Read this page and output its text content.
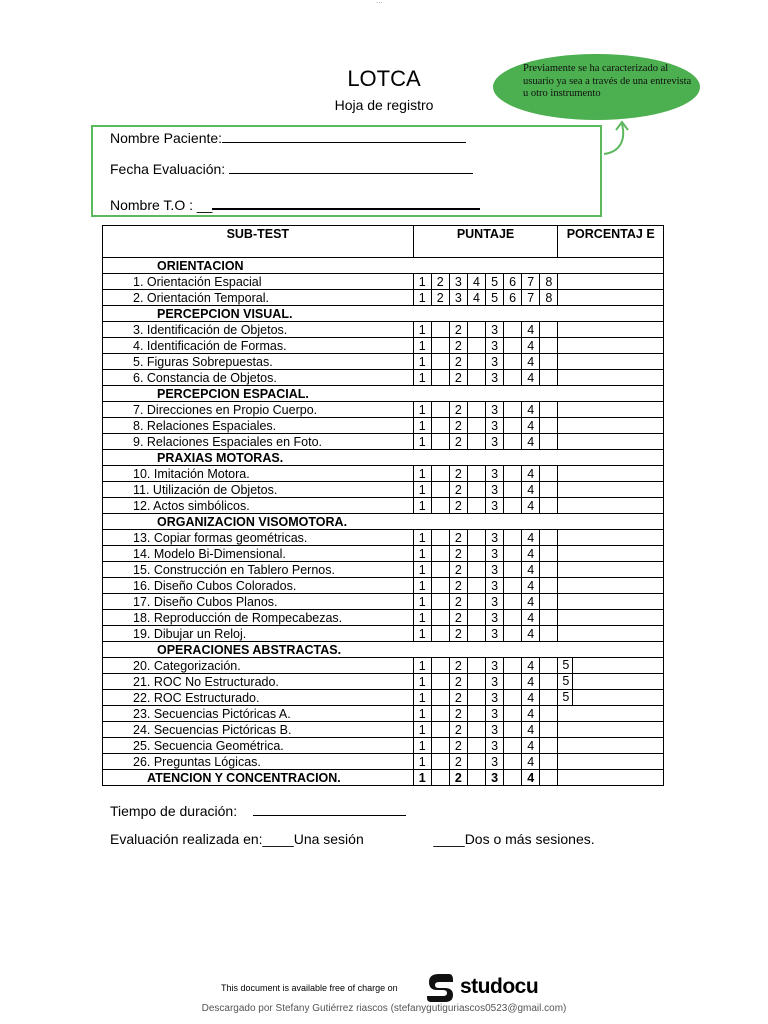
...
LOTCA
Hoja de registro
Previamente se ha caracterizado al usuario ya sea a través de una entrevista u otro instrumento
Nombre Paciente:
Fecha Evaluación:
Nombre T.O : __
SUB-TEST	PUNTAJE								PORCENTAJ E
ORIENTACION									
1. Orientación Espacial	1	2	3	4	5	6	7	8	
2. Orientación Temporal.	1	2	3	4	5	6	7	8	
PERCEPCION VISUAL.									
3. Identificación de Objetos.	1		2		3		4		
4. Identificación de Formas.	1		2		3		4		
5. Figuras Sobrepuestas.	1		2		3		4		
6. Constancia de Objetos.	1		2		3		4		
PERCEPCION ESPACIAL.									
7. Direcciones en Propio Cuerpo.	1		2		3		4		
8. Relaciones Espaciales.	1		2		3		4		
9. Relaciones Espaciales en Foto.	1		2		3		4		
PRAXIAS MOTORAS.									
10. Imitación Motora.	1		2		3		4		
11. Utilización de Objetos.	1		2		3		4		
12. Actos simbólicos.	1		2		3		4		
ORGANIZACION VISOMOTORA.									
13. Copiar formas geométricas.	1		2		3		4		
14. Modelo Bi-Dimensional.	1		2		3		4		
15. Construcción en Tablero Pernos.	1		2		3		4		
16. Diseño Cubos Colorados.	1		2		3		4		
17. Diseño Cubos Planos.	1		2		3		4		
18. Reproducción de Rompecabezas.	1		2		3		4		
19. Dibujar un Reloj.	1		2		3		4		
OPERACIONES ABSTRACTAS.									
20. Categorización.	1		2		3		4		5

21. ROC No Estructurado.	1		2		3		4		5

22. ROC Estructurado.	1		2		3		4		5

23. Secuencias Pictóricas A.	1		2		3		4		
24. Secuencias Pictóricas B.	1		2		3		4		
25. Secuencia Geométrica.	1		2		3		4		
26. Preguntas Lógicas.	1		2		3		4		
ATENCION Y CONCENTRACION.	1		2		3		4		
Tiempo de duración:
Evaluación realizada en:____Una sesión	____Dos o más sesiones.
This document is available free of charge on	studocu
Descargado por Stefany Gutiérrez riascos (stefanygutiguriascos0523@gmail.com)
